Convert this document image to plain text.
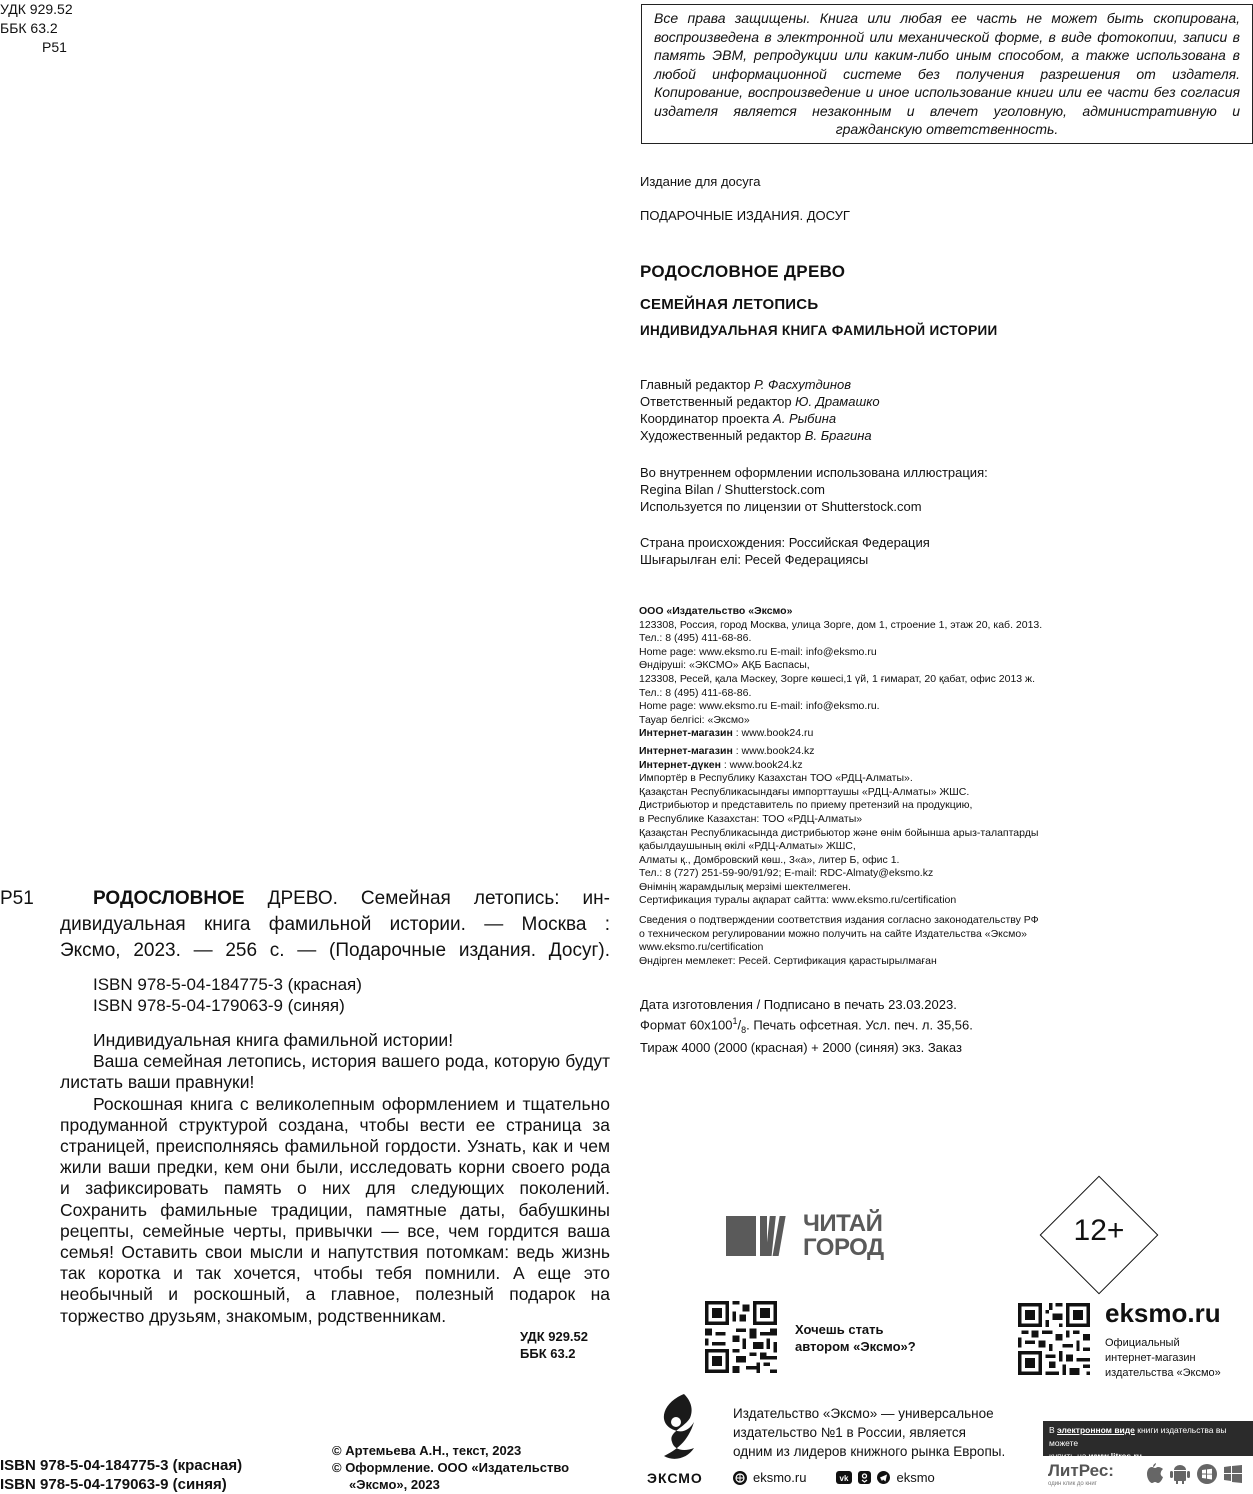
УДК 929.52
ББК 63.2
Р51
Все права защищены. Книга или любая ее часть не может быть скопирована, воспроизведена в электронной или механической форме, в виде фотокопии, записи в память ЭВМ, репродукции или каким-либо иным способом, а также использована в любой информационной системе без получения разрешения от издателя. Копирование, воспроизведение и иное использование книги или ее части без согласия издателя является незаконным и влечет уголовную, административную и гражданскую ответственность.
Издание для досуга
ПОДАРОЧНЫЕ ИЗДАНИЯ. ДОСУГ
РОДОСЛОВНОЕ ДРЕВО
СЕМЕЙНАЯ ЛЕТОПИСЬ
ИНДИВИДУАЛЬНАЯ КНИГА ФАМИЛЬНОЙ ИСТОРИИ
Главный редактор Р. Фасхутдинов
Ответственный редактор Ю. Драмашко
Координатор проекта А. Рыбина
Художественный редактор В. Брагина
Во внутреннем оформлении использована иллюстрация:
Regina Bilan / Shutterstock.com
Используется по лицензии от Shutterstock.com
Страна происхождения: Российская Федерация
Шығарылған елі: Ресей Федерациясы
ООО «Издательство «Эксмо»
123308, Россия, город Москва, улица Зорге, дом 1, строение 1, этаж 20, каб. 2013.
Тел.: 8 (495) 411-68-86.
Home page: www.eksmo.ru E-mail: info@eksmo.ru
Өндіруші: «ЭКСМО» АҚБ Баспасы,
123308, Ресей, қала Мәскеу, Зорге көшесі,1 үй, 1 ғимарат, 20 қабат, офис 2013 ж.
Тел.: 8 (495) 411-68-86.
Home page: www.eksmo.ru E-mail: info@eksmo.ru.
Тауар белгісі: «Эксмо»
Интернет-магазин : www.book24.ru
Интернет-магазин : www.book24.kz
Интернет-дүкен : www.book24.kz
Импортёр в Республику Казахстан ТОО «РДЦ-Алматы».
Қазақстан Республикасындағы импорттаушы «РДЦ-Алматы» ЖШС.
Дистрибьютор и представитель по приему претензий на продукцию,
в Республике Казахстан: ТОО «РДЦ-Алматы»
Қазақстан Республикасында дистрибьютор және өнім бойынша арыз-талаптарды
қабылдаушының өкілі «РДЦ-Алматы» ЖШС,
Алматы қ., Домбровский көш., 3«а», литер Б, офис 1.
Тел.: 8 (727) 251-59-90/91/92; E-mail: RDC-Almaty@eksmo.kz
Өнімнің жарамдылық мерзімі шектелмеген.
Сертификация туралы ақпарат сайтта: www.eksmo.ru/certification
Сведения о подтверждении соответствия издания согласно законодательству РФ
о техническом регулировании можно получить на сайте Издательства «Эксмо»
www.eksmo.ru/certification
Өндірген мемлекет: Ресей. Сертификация қарастырылмаған
Дата изготовления / Подписано в печать 23.03.2023.
Формат $60x100^1/_8$. Печать офсетная. Усл. печ. л. 35,56.
Тираж 4000 (2000 (красная) + 2000 (синяя) экз. Заказ
Р51	РОДОСЛОВНОЕ ДРЕВО. Семейная летопись: ин-
дивидуальная книга фамильной истории. — Москва :
Эксмо, 2023. — 256 с. — (Подарочные издания. Досуг).
ISBN 978-5-04-184775-3 (красная)
ISBN 978-5-04-179063-9 (синяя)
Индивидуальная книга фамильной истории!
Ваша семейная летопись, история вашего рода, которую будут листать ваши правнуки!
Роскошная книга с великолепным оформлением и тщательно продуманной структурой создана, чтобы вести ее страница за страницей, преисполняясь фамильной гордости. Узнать, как и чем жили ваши предки, кем они были, исследовать корни своего рода и зафиксировать память о них для следующих поколений. Сохранить фамильные традиции, памятные даты, бабушкины рецепты, семейные черты, привычки — все, чем гордится ваша семья! Оставить свои мысли и напутствия потомкам: ведь жизнь так коротка и так хочется, чтобы тебя помнили. А еще это необычный и роскошный, а главное, полезный подарок на торжество друзьям, знакомым, родственникам.
УДК 929.52
ББК 63.2
ISBN 978-5-04-184775-3 (красная)
ISBN 978-5-04-179063-9 (синяя)
© Артемьева А.Н., текст, 2023
© Оформление. ООО «Издательство
«Эксмо», 2023
ЧИТАЙ
ГОРОД
12+
Хочешь стать
автором «Эксмо»?
eksmo.ru
Официальный
интернет-магазин
издательства «Эксмо»
ЭКСМО
Издательство «Эксмо» — универсальное
издательство №1 в России, является
одним из лидеров книжного рынка Европы.
eksmo.ru	vk	eksmo
В электронном виде книги издательства вы можете
купить на www.litres.ru
ЛитРес:
один клик до книг
